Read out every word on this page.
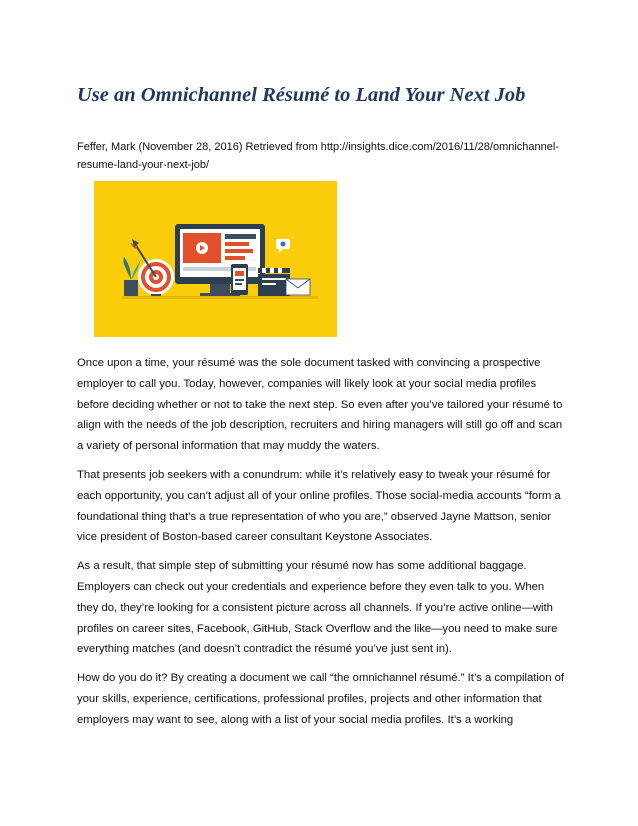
Use an Omnichannel Résumé to Land Your Next Job

Feffer, Mark (November 28, 2016) Retrieved from http://insights.dice.com/2016/11/28/omnichannel-resume-land-your-next-job/

Once upon a time, your résumé was the sole document tasked with convincing a prospective employer to call you. Today, however, companies will likely look at your social media profiles before deciding whether or not to take the next step. So even after you’ve tailored your résumé to align with the needs of the job description, recruiters and hiring managers will still go off and scan a variety of personal information that may muddy the waters.

That presents job seekers with a conundrum: while it’s relatively easy to tweak your résumé for each opportunity, you can’t adjust all of your online profiles. Those social-media accounts “form a foundational thing that’s a true representation of who you are,” observed Jayne Mattson, senior vice president of Boston-based career consultant Keystone Associates.

As a result, that simple step of submitting your résumé now has some additional baggage. Employers can check out your credentials and experience before they even talk to you. When they do, they’re looking for a consistent picture across all channels. If you’re active online—with profiles on career sites, Facebook, GitHub, Stack Overflow and the like—you need to make sure everything matches (and doesn’t contradict the résumé you’ve just sent in).

How do you do it? By creating a document we call “the omnichannel résumé.” It’s a compilation of your skills, experience, certifications, professional profiles, projects and other information that employers may want to see, along with a list of your social media profiles. It’s a working
